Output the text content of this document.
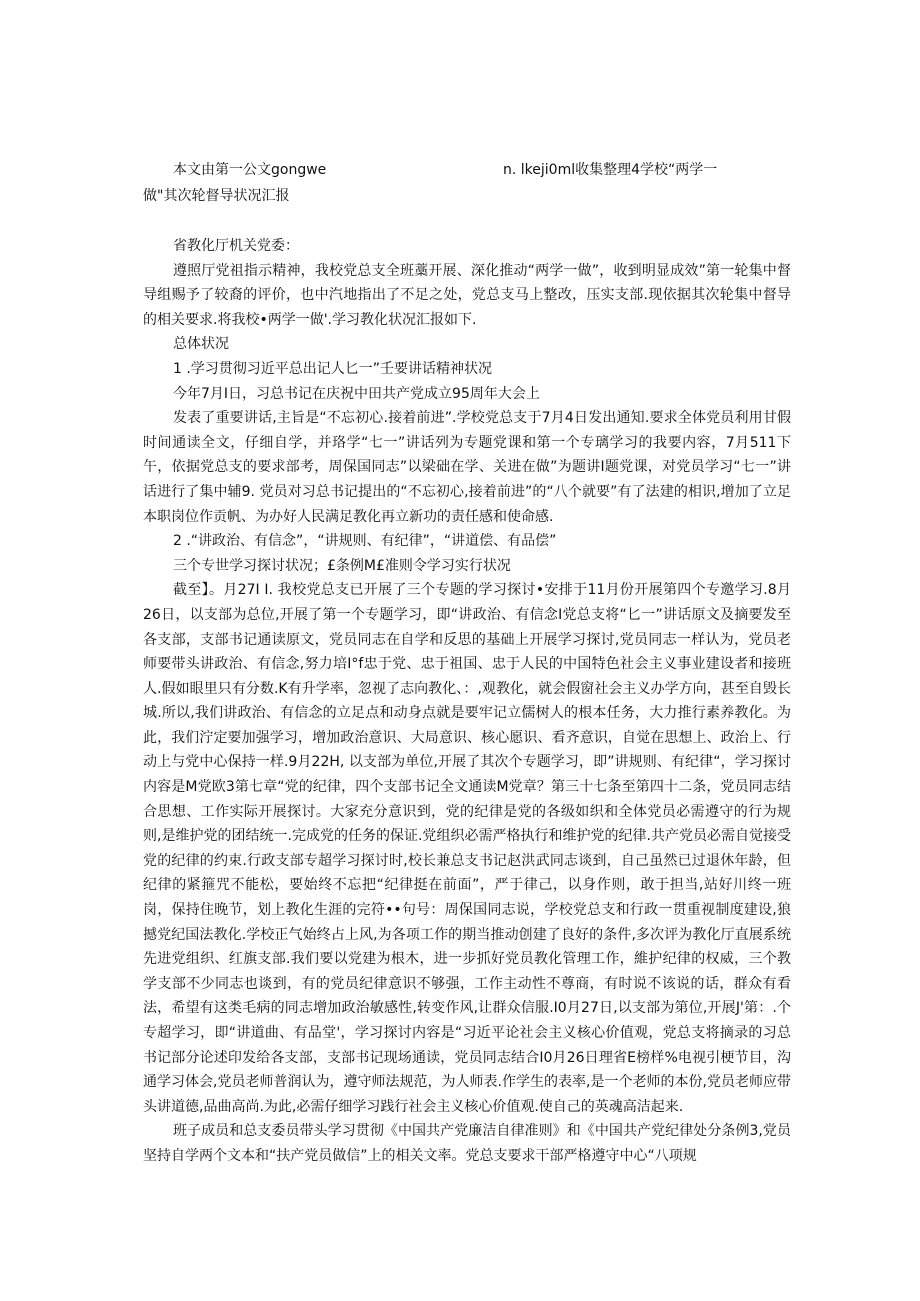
本文由第一公文gongwe	n. lkeji0ml收集整理4学校“两学一
做"其次轮督导状况汇报

省教化厅机关党委：

遵照厅党祖指示精神，我校党总支全班藁开展、深化推动“两学一做”，收到明显成效”第一轮集中督导组赐予了较裔的评价，也中汽地指出了不足之处，党总支马上整改，压实支部.现依据其次轮集中督导的相关要求.将我校•两学一做'.学习教化状况汇报如下.

总体状况

1 .学习贯彻习近平总出记人匕一”壬要讲话精神状况

今年7月I日，习总书记在庆祝中田共产党成立95周年大会上

发表了重要讲话,主旨是“不忘初心.接着前进”.学校党总支于7月4日发出通知.要求全体党员利用甘假时间通读全文，仔细自学，并珞学“七一”讲话列为专题党课和第一个专璃学习的我要内容，7月511下午，依据党总支的要求部考，周保国同志”以梁础在学、关进在做”为题讲I题党课，对党员学习“七一”讲话进行了集中辅9. 党员对习总书记提出的“不忘初心,接着前进”的“八个就要”有了法建的相识,增加了立足本职岗位作贡帆、为办好人民满足教化再立新功的责任感和使命感.

2 .“讲政治、有信念”，“讲规则、有纪律”，“讲道偿、有品偿”

三个专世学习探讨状况；£条例M£准则令学习实行状况

截至】。月27I I. 我校党总支已开展了三个专题的学习探讨•安排于11月份开展第四个专邀学习.8月26日，以支部为总位,开展了第一个专题学习，即“讲政治、有信念I党总支将“匕一”讲话原文及摘要发至各支部，支部书记通读原文，党员同志在自学和反思的基础上开展学习探讨,党员同志一样认为，党员老师要带头讲政治、有信念,努力培I°f忠于党、忠于祖国、忠于人民的中国特色社会主义事业建设者和接班人.假如眼里只有分数.K有升学率，忽视了志向教化、：,观教化，就会假窗社会主义办学方向，甚至自毁长城.所以,我们讲政治、有信念的立足点和动身点就是要牢记立儒树人的根本任务，大力推行素养教化。为此，我们泞定要加强学习，增加政治意识、大局意识、核心愿识、看齐意识，自觉在思想上、政治上、行动上与党中心保持一样.9月22H, 以支部为单位,开展了其次个专题学习，即”讲规则、有纪律“，学习探讨内容是M党欧3第七章“党的纪律，四个支部书记全文通读M党章？第三十七条至第四十二条，党员同志结合思想、工作实际开展探讨。大家充分意识到，党的纪律是党的各级如织和全体党员必需遵守的行为规则,是维护党的团结统一.完成党的任务的保证.党组织必需严格执行和维护党的纪律.共产党员必需自觉接受党的纪律的约束.行政支部专超学习探讨时,校长兼总支书记赵洪武同志谈到，自己虽然已过退休年龄，但纪律的紧箍咒不能松，要始终不忘把“纪律挺在前面”，严于律己，以身作则，敢于担当,站好川终一班岗，保持住晚节，划上教化生涯的完符••句号：周保国同志说，学校党总支和行政一贯重视制度建设,狼撼党纪国法教化.学校正气始终占上风,为各项工作的期当推动创建了良好的条件,多次评为教化厅直展系统先进党组织、红旗支部.我们要以党建为根木，进一步抓好党员教化管理工作，維护纪律的权威，三个教学支部不少同志也谈到，有的党员纪律意识不够强，工作主动性不尊商，有时说不该说的话，群众有看法，希望有这类毛病的同志增加政治敏感性,转变作风,让群众信服.I0月27日,以支部为第位,开展J'第：.个专超学习，即“讲道曲、有品堂'，学习探讨内容是“习近平论社会主义核心价值观，党总支将摘录的习总书记部分论述印发给各支部，支部书记现场通读，党员同志结合I0月26日理省E榜样%电视引梗节目，沟通学习体会,党员老师普润认为，遵守师法规范，为人师表.作学生的表率,是一个老师的本份,党员老师应带头讲道德,品曲高尚.为此,必需仔细学习践行社会主义核心价值观.使自己的英魂高洁起来.

班子成员和总支委员带头学习贯彻《中国共产党廉洁自律准则》和《中国共产党纪律处分条例3,党员坚持自学两个文本和“扶产党员做信”上的相关文率。党总支要求干部严格遵守中心“八项规
